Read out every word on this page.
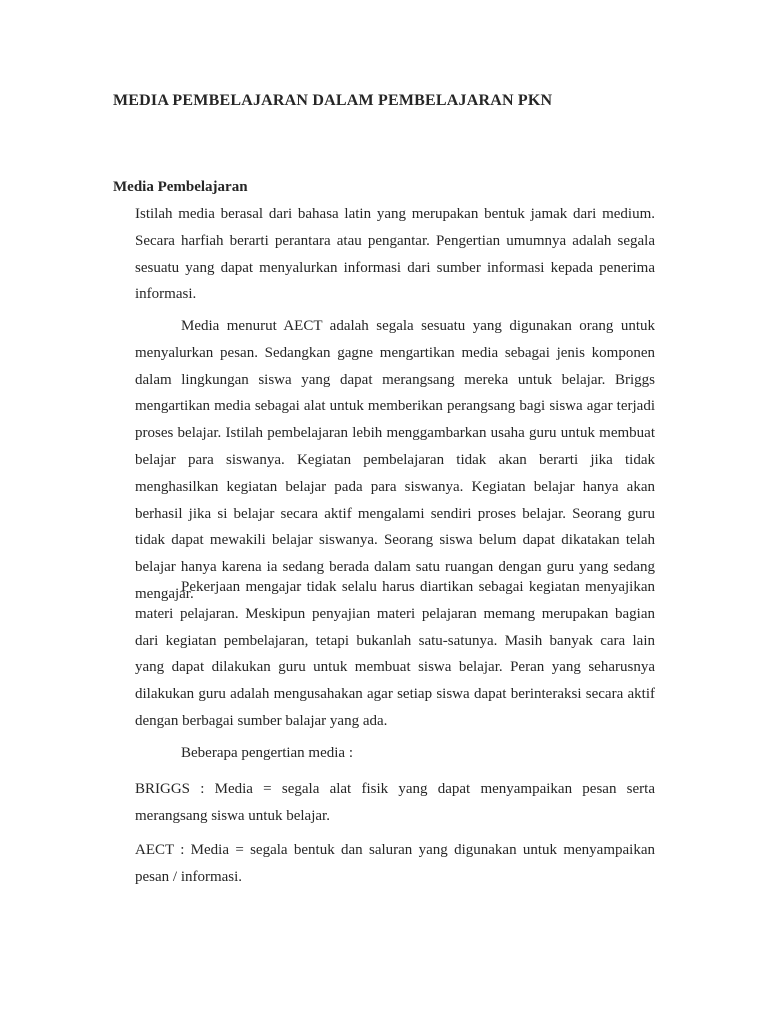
MEDIA PEMBELAJARAN DALAM PEMBELAJARAN PKN
Media Pembelajaran

Istilah media berasal dari bahasa latin yang merupakan bentuk jamak dari medium. Secara harfiah berarti perantara atau pengantar. Pengertian umumnya adalah segala sesuatu yang dapat menyalurkan informasi dari sumber informasi kepada penerima informasi.

Media menurut AECT adalah segala sesuatu yang digunakan orang untuk menyalurkan pesan. Sedangkan gagne mengartikan media sebagai jenis komponen dalam lingkungan siswa yang dapat merangsang mereka untuk belajar. Briggs mengartikan media sebagai alat untuk memberikan perangsang bagi siswa agar terjadi proses belajar. Istilah pembelajaran lebih menggambarkan usaha guru untuk membuat belajar para siswanya. Kegiatan pembelajaran tidak akan berarti jika tidak menghasilkan kegiatan belajar pada para siswanya. Kegiatan belajar hanya akan berhasil jika si belajar secara aktif mengalami sendiri proses belajar. Seorang guru tidak dapat mewakili belajar siswanya. Seorang siswa belum dapat dikatakan telah belajar hanya karena ia sedang berada dalam satu ruangan dengan guru yang sedang mengajar.

Pekerjaan mengajar tidak selalu harus diartikan sebagai kegiatan menyajikan materi pelajaran. Meskipun penyajian materi pelajaran memang merupakan bagian dari kegiatan pembelajaran, tetapi bukanlah satu-satunya. Masih banyak cara lain yang dapat dilakukan guru untuk membuat siswa belajar. Peran yang seharusnya dilakukan guru adalah mengusahakan agar setiap siswa dapat berinteraksi secara aktif dengan berbagai sumber balajar yang ada.

Beberapa pengertian media :

BRIGGS : Media = segala alat fisik yang dapat menyampaikan pesan serta merangsang siswa untuk belajar.

AECT : Media = segala bentuk dan saluran yang digunakan untuk menyampaikan pesan / informasi.
